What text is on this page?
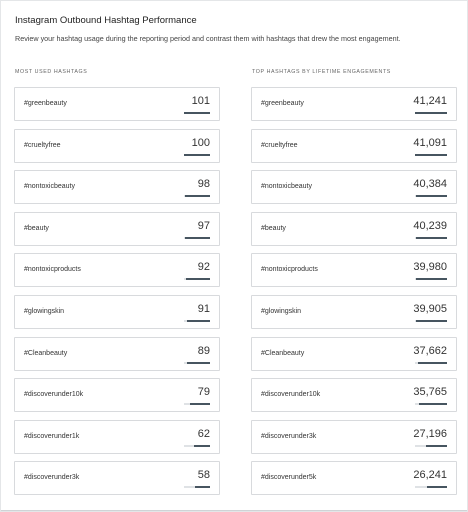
Instagram Outbound Hashtag Performance
Review your hashtag usage during the reporting period and contrast them with hashtags that drew the most engagement.
MOST USED HASHTAGS	TOP HASHTAGS BY LIFETIME ENGAGEMENTS
#greenbeauty	101
#crueltyfree	100
#nontoxicbeauty	98
#beauty	97
#nontoxicproducts	92
#glowingskin	91
#Cleanbeauty	89
#discoverunder10k	79
#discoverunder1k	62
#discoverunder3k	58
#greenbeauty	41,241
#crueltyfree	41,091
#nontoxicbeauty	40,384
#beauty	40,239
#nontoxicproducts	39,980
#glowingskin	39,905
#Cleanbeauty	37,662
#discoverunder10k	35,765
#discoverunder3k	27,196
#discoverunder5k	26,241
